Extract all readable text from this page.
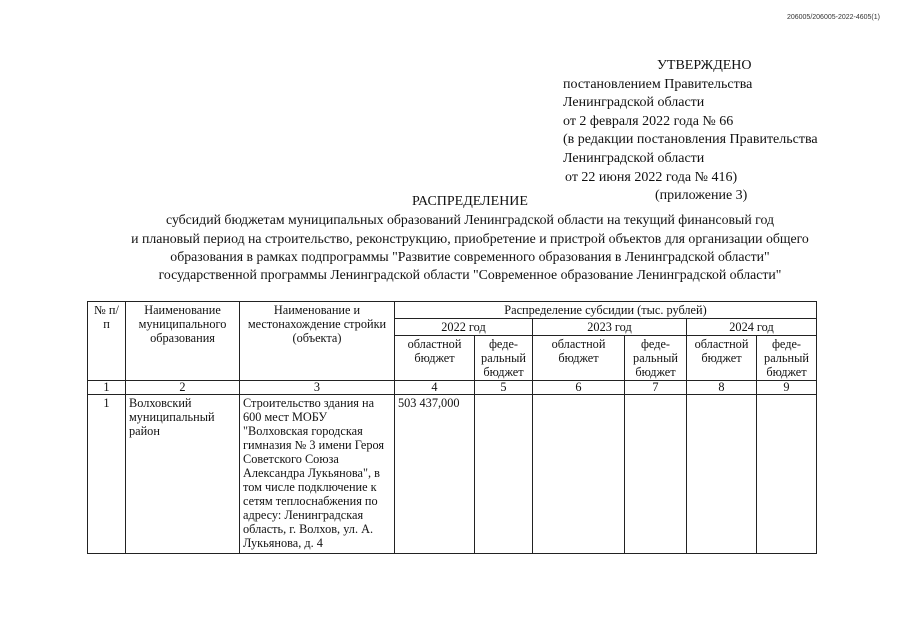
206005/206005-2022-4605(1)
УТВЕРЖДЕНО
постановлением Правительства
Ленинградской области
от 2 февраля 2022 года № 66
(в редакции постановления Правительства
Ленинградской области
от 22 июня 2022 года № 416)
(приложение 3)
РАСПРЕДЕЛЕНИЕ
субсидий бюджетам муниципальных образований Ленинградской области на текущий финансовый год
и плановый период на строительство, реконструкцию, приобретение и пристрой объектов для организации общего
образования в рамках подпрограммы "Развитие современного образования в Ленинградской области"
государственной программы Ленинградской области "Современное образование Ленинградской области"
№ п/п	Наименование муниципального образования	Наименование и местонахождение стройки (объекта)	Распределение субсидии (тыс. рублей)					
			2022 год		2023 год		2024 год	
			областной бюджет	феде- ральный бюджет	областной бюджет	феде- ральный бюджет	областной бюджет	феде- ральный бюджет
1	2	3	4	5	6	7	8	9
1	Волховский муниципальный район	Строительство здания на 600 мест МОБУ "Волховская городская гимназия № 3 имени Героя Советского Союза Александра Лукьянова", в том числе подключение к сетям теплоснабжения по адресу: Ленинградская область, г. Волхов, ул. А. Лукьянова, д. 4	503 437,000					
